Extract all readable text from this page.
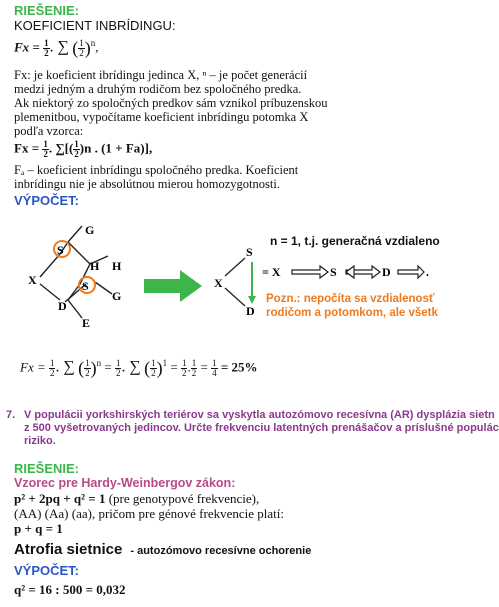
RIEŠENIE:
KOEFICIENT INBRÍDINGU:
$Fx = \frac{1}{2}$ . ∑ ( $\frac{1}{2} )^n$,
Fx: je koeficient ibrídingu jedinca X, ⁿ – je počet generácií
medzi jedným a druhým rodičom bez spoločného predka.
Ak niektorý zo spoločných predkov sám vznikol príbuzenskou
plemenitbou, vypočítame koeficient inbrídingu potomka X
podľa vzorca:
$Fx = \frac{1}{2}$ . ∑[( $\frac{1}{2} )n$ . (1 + Fa)],
Fₐ – koeficient inbrídingu spoločného predka. Koeficient
inbrídingu nie je absolútnou mierou homozygotnosti.
VÝPOČET:
S
S
G
H H
G
X
D
E
S
X
D
= X	S	D	.
n = 1, t.j. generačná vzdialeno
Pozn.: nepočíta sa vzdialenosť
rodičom a potomkom, ale všetk
$Fx = \frac{1}{2}$ . ∑ ( $\frac{1}{2} )^n = \frac{1}{2}$ . ∑ ( $\frac{1}{2} )^1 = \frac{1}{2}$ . $\frac{1}{2} = \frac{1}{4} = 25\%$
7. V populácii yorkshirských teriérov sa vyskytla autozómovo recesívna (AR) dysplázia sietn
z 500 vyšetrovaných jedincov. Určte frekvenciu latentných prenášačov a príslušné populác
riziko.
RIEŠENIE:
Vzorec pre Hardy-Weinbergov zákon:
p² + 2pq + q² = 1 (pre genotypové frekvencie),
(AA) (Aa) (aa), pričom pre génové frekvencie platí:
p + q = 1
Atrofia sietnice - autozómovo recesívne ochorenie
VÝPOČET:
q² = 16 : 500 = 0,032
